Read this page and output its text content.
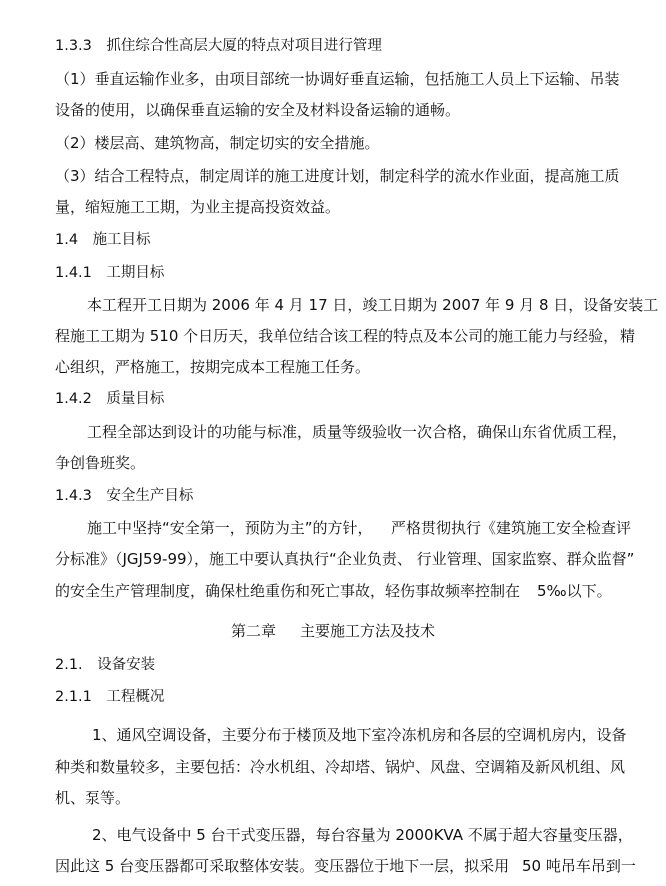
1.3.3 抓住综合性高层大厦的特点对项目进行管理
（1）垂直运输作业多，由项目部统一协调好垂直运输，包括施工人员上下运输、吊装
设备的使用，以确保垂直运输的安全及材料设备运输的通畅。
（2）楼层高、建筑物高，制定切实的安全措施。
（3）结合工程特点，制定周详的施工进度计划，制定科学的流水作业面，提高施工质
量，缩短施工工期，为业主提高投资效益。
1.4 施工目标
1.4.1 工期目标
本工程开工日期为 2006 年 4 月 17 日，竣工日期为 2007 年 9 月 8 日，设备安装工
程施工工期为 510 个日历天，我单位结合该工程的特点及本公司的施工能力与经验， 精
心组织，严格施工，按期完成本工程施工任务。
1.4.2 质量目标
工程全部达到设计的功能与标准，质量等级验收一次合格，确保山东省优质工程，
争创鲁班奖。
1.4.3 安全生产目标
施工中坚持“安全第一，预防为主”的方针， 严格贯彻执行《建筑施工安全检查评
分标准》（JGJ59-99），施工中要认真执行“企业负责、 行业管理、国家监察、群众监督”
的安全生产管理制度，确保杜绝重伤和死亡事故，轻伤事故频率控制在 5‰以下。
第二章 主要施工方法及技术
2.1. 设备安装
2.1.1 工程概况
1、通风空调设备，主要分布于楼顶及地下室冷冻机房和各层的空调机房内，设备
种类和数量较多，主要包括：冷水机组、冷却塔、锅炉、风盘、空调箱及新风机组、风
机、泵等。
2、电气设备中 5 台干式变压器，每台容量为 2000KVA 不属于超大容量变压器，
因此这 5 台变压器都可采取整体安装。变压器位于地下一层，拟采用 50 吨吊车吊到一
